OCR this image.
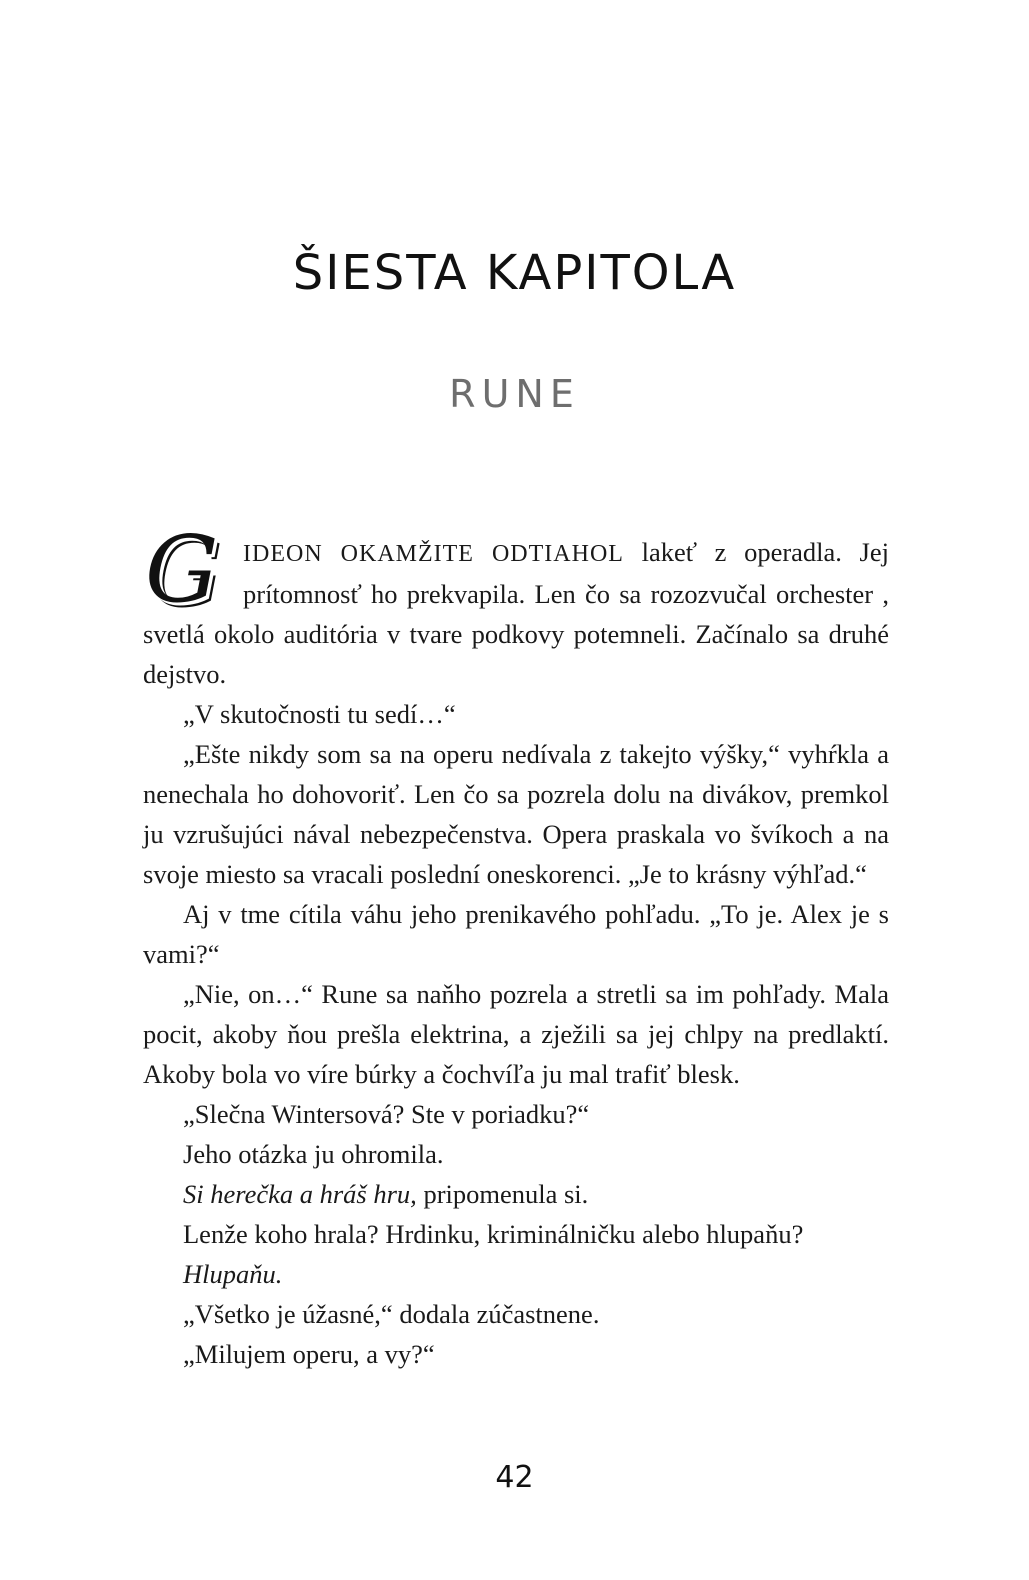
ŠIESTA KAPITOLA
RUNE

G IDEON OKAMŽITE ODTIAHOL lakeť z operadla. Jej prítomnosť ho prekvapila. Len čo sa rozozvučal orchester , svetlá okolo auditória v tvare podkovy potemneli. Začínalo sa druhé dejstvo.

„V skutočnosti tu sedí…“

„Ešte nikdy som sa na operu nedívala z takejto výšky,“ vyhŕkla a nenechala ho dohovoriť. Len čo sa pozrela dolu na divákov, premkol ju vzrušujúci nával nebezpečenstva. Opera praskala vo švíkoch a na svoje miesto sa vracali poslední oneskorenci. „Je to krásny výhľad.“

Aj v tme cítila váhu jeho prenikavého pohľadu. „To je. Alex je s vami?“

„Nie, on…“ Rune sa naňho pozrela a stretli sa im pohľady. Mala pocit, akoby ňou prešla elektrina, a zježili sa jej chlpy na predlaktí. Akoby bola vo víre búrky a čochvíľa ju mal trafiť blesk.

„Slečna Wintersová? Ste v poriadku?“

Jeho otázka ju ohromila.

Si herečka a hráš hru, pripomenula si.

Lenže koho hrala? Hrdinku, kriminálničku alebo hlupaňu?

Hlupaňu.

„Všetko je úžasné,“ dodala zúčastnene.

„Milujem operu, a vy?“

42
